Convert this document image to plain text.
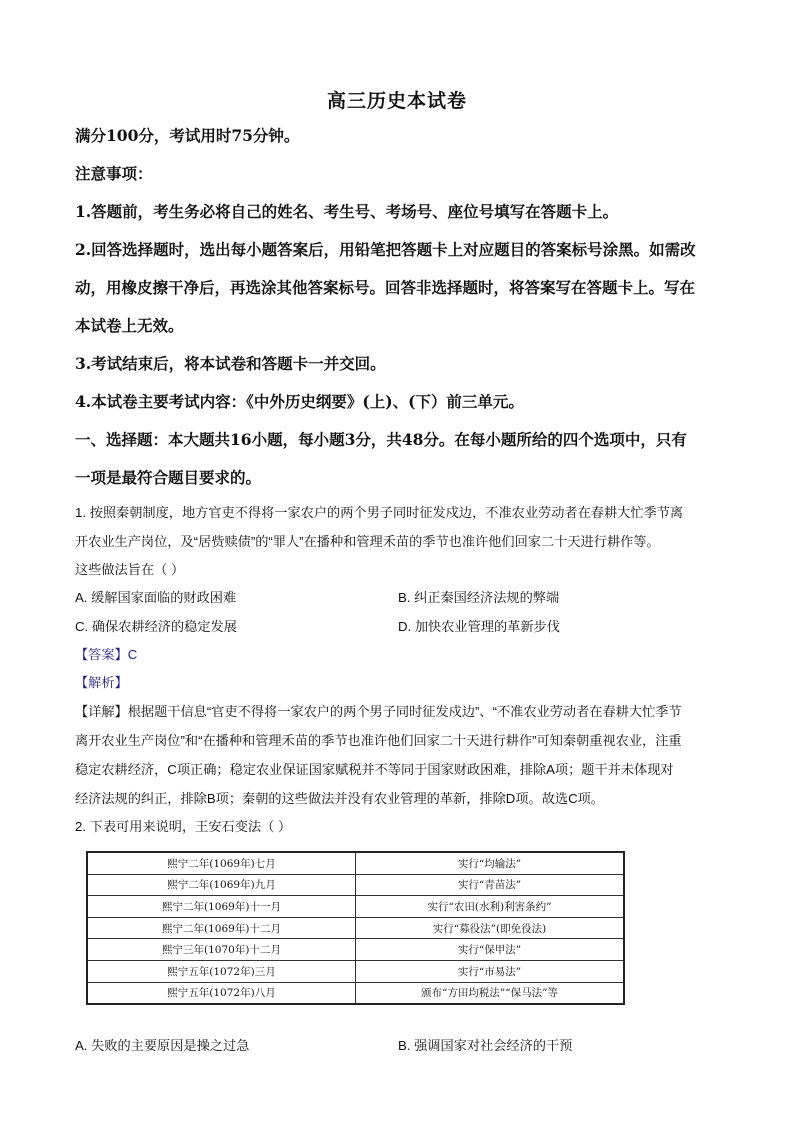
高三历史本试卷
满分100分，考试用时75分钟。
注意事项：
1.答题前，考生务必将自己的姓名、考生号、考场号、座位号填写在答题卡上。
2.回答选择题时，选出每小题答案后，用铅笔把答题卡上对应题目的答案标号涂黑。如需改
动，用橡皮擦干净后，再选涂其他答案标号。回答非选择题时，将答案写在答题卡上。写在
本试卷上无效。
3.考试结束后，将本试卷和答题卡一并交回。
4.本试卷主要考试内容：《中外历史纲要》(上)、(下）前三单元。
一、选择题：本大题共16小题，每小题3分，共48分。在每小题所给的四个选项中，只有
一项是最符合题目要求的。
1. 按照秦朝制度，地方官吏不得将一家农户的两个男子同时征发戍边，不准农业劳动者在春耕大忙季节离
开农业生产岗位，及“居赀赎债”的“罪人”在播种和管理禾苗的季节也准许他们回家二十天进行耕作等。
这些做法旨在（ ）
A. 缓解国家面临的财政困难	B. 纠正秦国经济法规的弊端
C. 确保农耕经济的稳定发展	D. 加快农业管理的革新步伐
【答案】C
【解析】
【详解】根据题干信息“官吏不得将一家农户的两个男子同时征发戍边”、“不准农业劳动者在春耕大忙季节
离开农业生产岗位”和“在播种和管理禾苗的季节也准许他们回家二十天进行耕作”可知秦朝重视农业，注重
稳定农耕经济，C项正确；稳定农业保证国家赋税并不等同于国家财政困难，排除A项；题干并未体现对
经济法规的纠正，排除B项；秦朝的这些做法并没有农业管理的革新，排除D项。故选C项。
2. 下表可用来说明，王安石变法（ ）
熙宁二年(1069年)七月	实行“均输法”
熙宁二年(1069年)九月	实行“青苗法”
熙宁二年(1069年)十一月	实行“农田(水利)利害条约”
熙宁二年(1069年)十二月	实行“募役法”(即免役法)
熙宁三年(1070年)十二月	实行“保甲法”
熙宁五年(1072年)三月	实行“市易法”
熙宁五年(1072年)八月	颁布“方田均税法”“保马法”等
A. 失败的主要原因是操之过急	B. 强调国家对社会经济的干预
